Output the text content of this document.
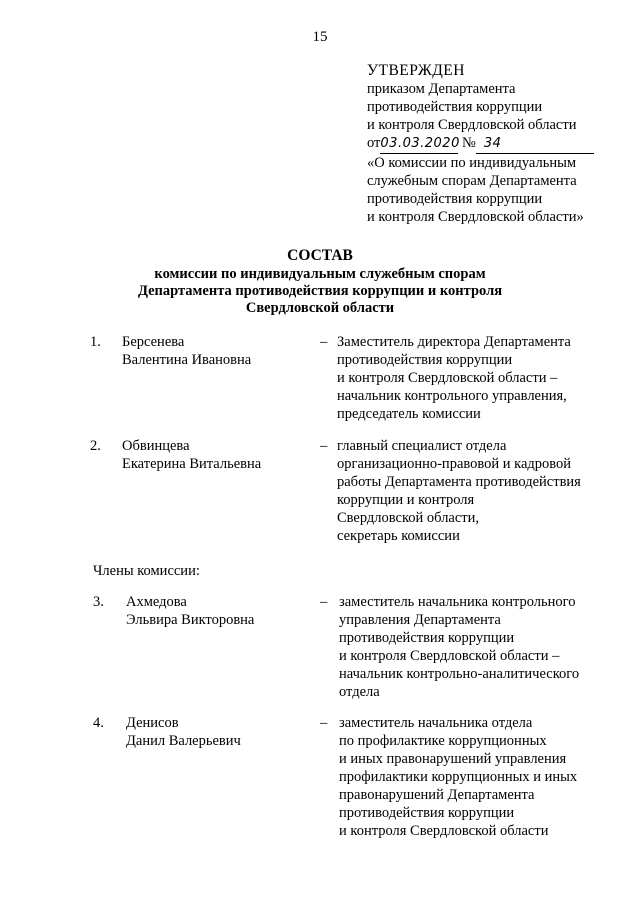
15
УТВЕРЖДЕН
приказом Департамента
противодействия коррупции
и контроля Свердловской области
от03.03.2020 № 34
«О комиссии по индивидуальным
служебным спорам Департамента
противодействия коррупции
и контроля Свердловской области»
СОСТАВ
комиссии по индивидуальным служебным спорам
Департамента противодействия коррупции и контроля
Свердловской области
1. Берсенева
Валентина Ивановна
– Заместитель директора Департамента
противодействия коррупции
и контроля Свердловской области –
начальник контрольного управления,
председатель комиссии
2. Обвинцева
Екатерина Витальевна
– главный специалист отдела
организационно-правовой и кадровой
работы Департамента противодействия
коррупции и контроля
Свердловской области,
секретарь комиссии
Члены комиссии:
3. Ахмедова
Эльвира Викторовна
– заместитель начальника контрольного
управления Департамента
противодействия коррупции
и контроля Свердловской области –
начальник контрольно-аналитического
отдела
4. Денисов
Данил Валерьевич
– заместитель начальника отдела
по профилактике коррупционных
и иных правонарушений управления
профилактики коррупционных и иных
правонарушений Департамента
противодействия коррупции
и контроля Свердловской области
